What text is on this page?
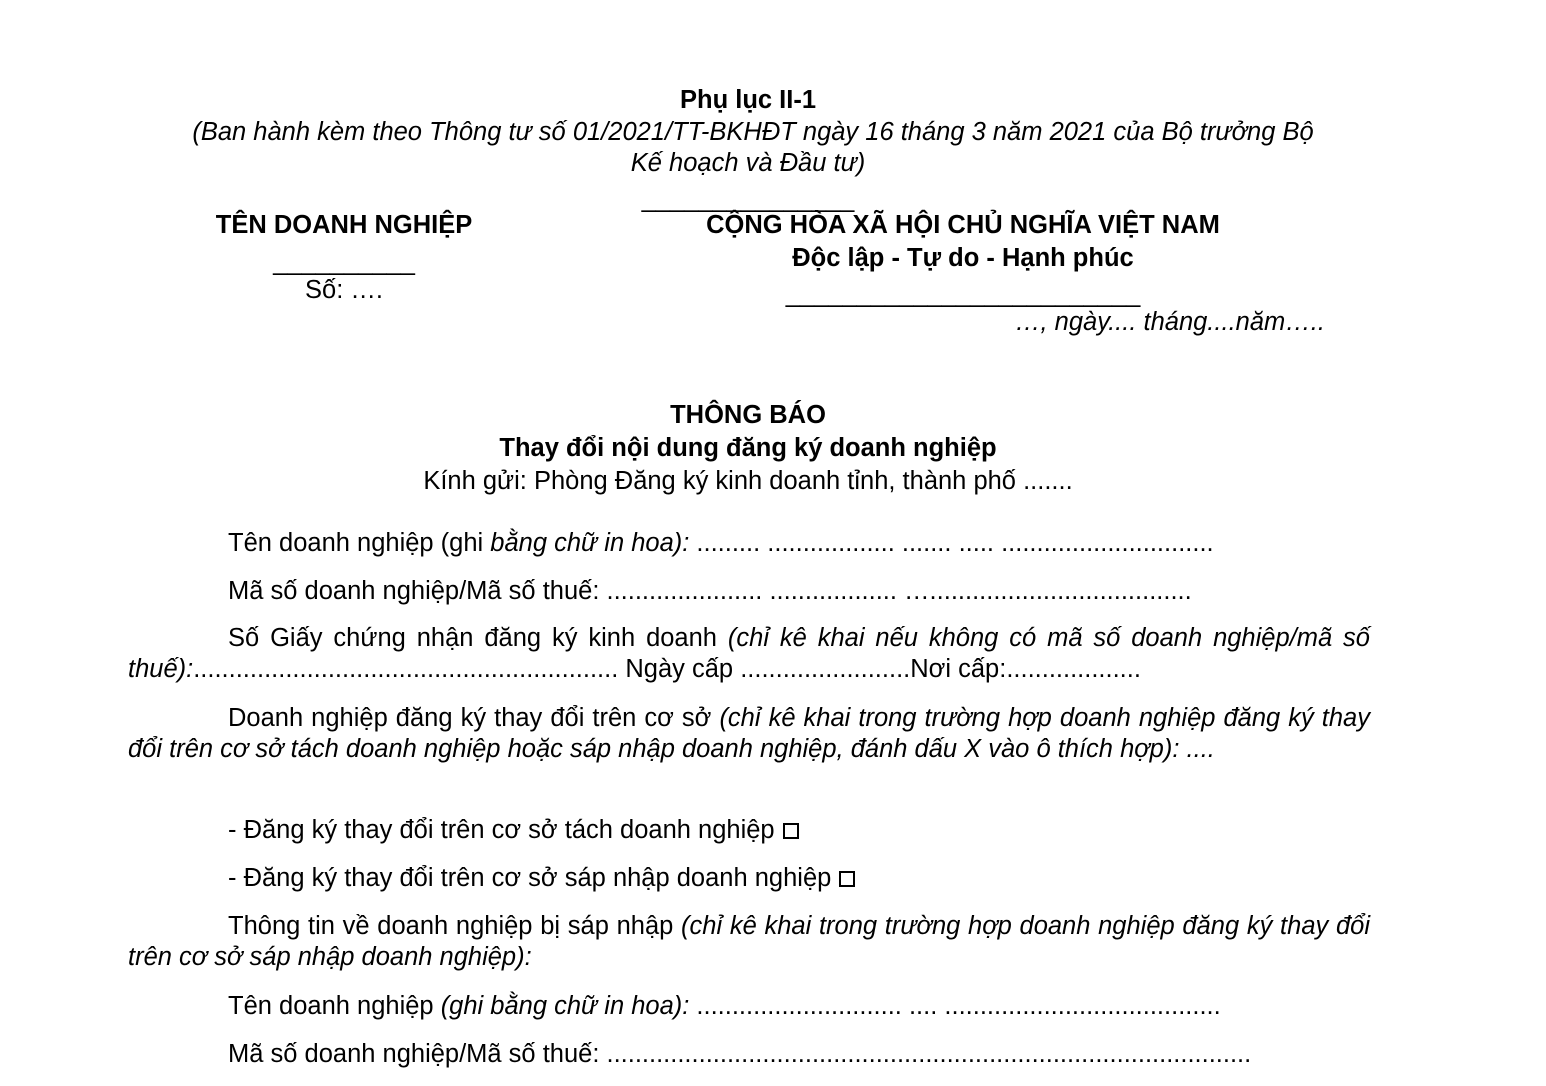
Phụ lục II-1
(Ban hành kèm theo Thông tư số 01/2021/TT-BKHĐT ngày 16 tháng 3 năm 2021 của Bộ trưởng Bộ
Kế hoạch và Đầu tư)
_______________
TÊN DOANH NGHIỆP
__________
Số: ….
CỘNG HÒA XÃ HỘI CHỦ NGHĨA VIỆT NAM
Độc lập - Tự do - Hạnh phúc
_________________________
…, ngày.... tháng....năm…..
THÔNG BÁO
Thay đổi nội dung đăng ký doanh nghiệp
Kính gửi: Phòng Đăng ký kinh doanh tỉnh, thành phố .......
Tên doanh nghiệp (ghi bằng chữ in hoa): ......... .................. ....... ..... ..............................
Mã số doanh nghiệp/Mã số thuế: ...................... .................. ….....................................
Số Giấy chứng nhận đăng ký kinh doanh (chỉ kê khai nếu không có mã số doanh nghiệp/mã số thuế):............................................................ Ngày cấp ........................Nơi cấp:...................
Doanh nghiệp đăng ký thay đổi trên cơ sở (chỉ kê khai trong trường hợp doanh nghiệp đăng ký thay đổi trên cơ sở tách doanh nghiệp hoặc sáp nhập doanh nghiệp, đánh dấu X vào ô thích hợp): ....
- Đăng ký thay đổi trên cơ sở tách doanh nghiệp
- Đăng ký thay đổi trên cơ sở sáp nhập doanh nghiệp
Thông tin về doanh nghiệp bị sáp nhập (chỉ kê khai trong trường hợp doanh nghiệp đăng ký thay đổi trên cơ sở sáp nhập doanh nghiệp):
Tên doanh nghiệp (ghi bằng chữ in hoa): ............................. .... .......................................
Mã số doanh nghiệp/Mã số thuế: ...........................................................................................
